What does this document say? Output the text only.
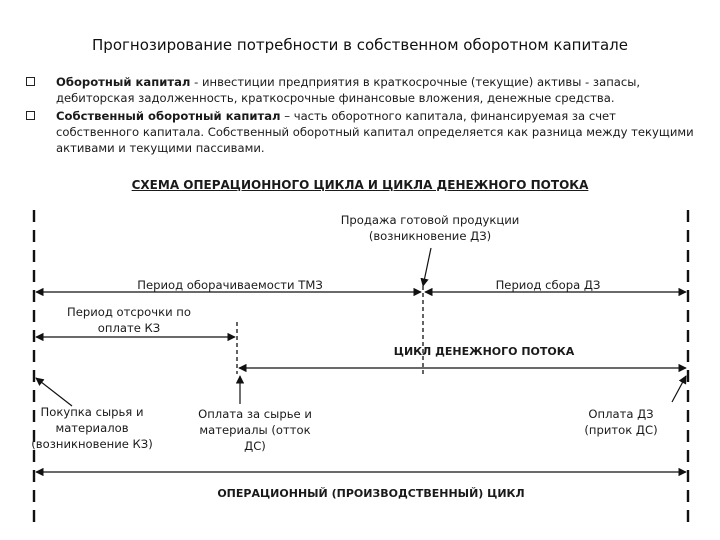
Прогнозирование потребности в собственном оборотном капитале
Оборотный капитал - инвестиции предприятия в краткосрочные (текущие) активы - запасы, дебиторская задолженность, краткосрочные финансовые вложения, денежные средства.
Собственный оборотный капитал – часть оборотного капитала, финансируемая за счет собственного капитала. Собственный оборотный капитал определяется как разница между текущими активами и текущими пассивами.
СХЕМА ОПЕРАЦИОННОГО ЦИКЛА И ЦИКЛА ДЕНЕЖНОГО ПОТОКА
Продажа готовой продукции (возникновение ДЗ)
Период оборачиваемости ТМЗ	Период сбора ДЗ
Период отсрочки по оплате КЗ
ЦИКЛ ДЕНЕЖНОГО ПОТОКА
Покупка сырья и материалов (возникновение КЗ)
Оплата за сырье и материалы (отток ДС)
Оплата ДЗ (приток ДС)
ОПЕРАЦИОННЫЙ (ПРОИЗВОДСТВЕННЫЙ) ЦИКЛ
